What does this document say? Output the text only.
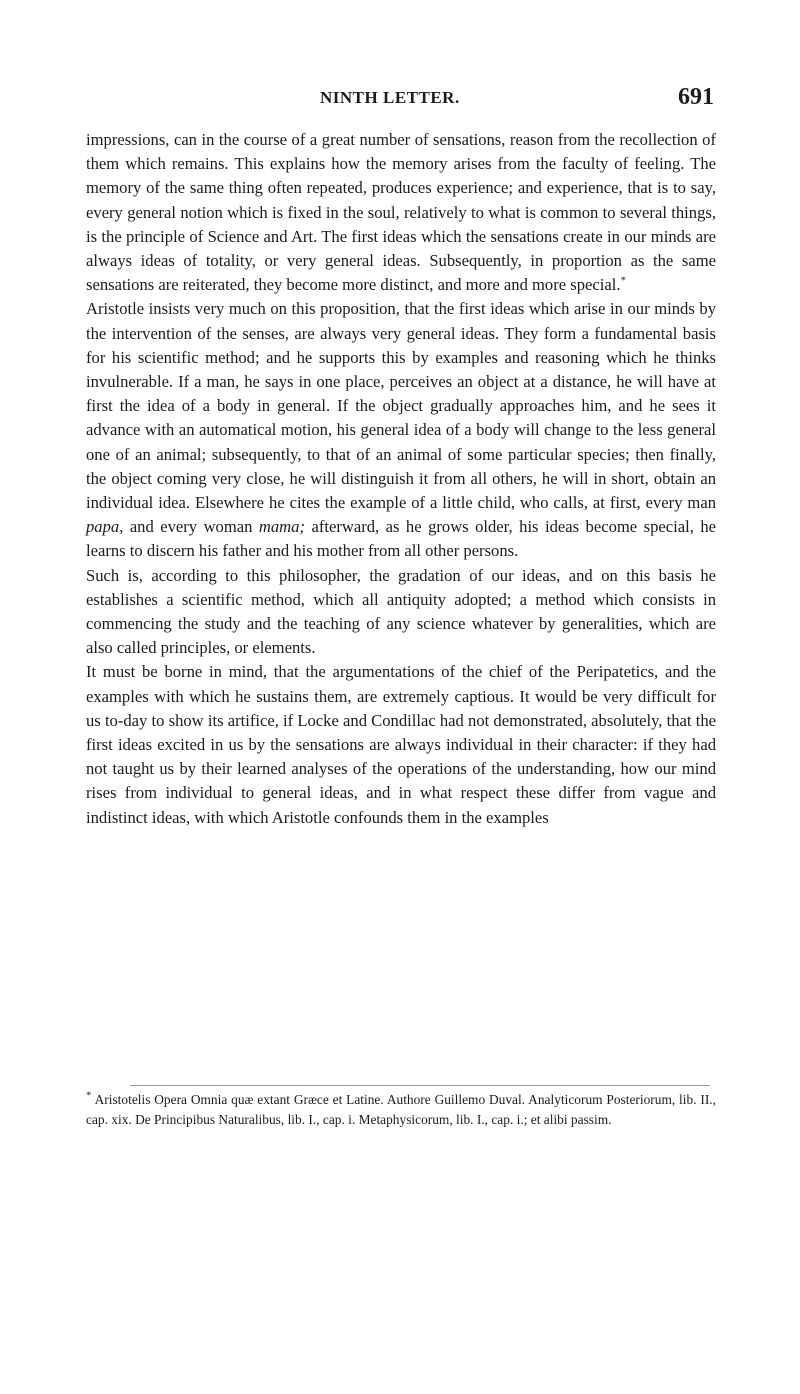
NINTH LETTER.	691

impressions, can in the course of a great number of sensations, reason from the recollection of them which remains. This explains how the memory arises from the faculty of feeling. The memory of the same thing often repeated, produces experience; and experience, that is to say, every general notion which is fixed in the soul, relatively to what is common to several things, is the principle of Science and Art. The first ideas which the sensations create in our minds are always ideas of totality, or very general ideas. Subsequently, in proportion as the same sensations are reiterated, they become more distinct, and more and more special.*

Aristotle insists very much on this proposition, that the first ideas which arise in our minds by the intervention of the senses, are always very general ideas. They form a fundamental basis for his scientific method; and he supports this by examples and reasoning which he thinks invulnerable. If a man, he says in one place, perceives an object at a distance, he will have at first the idea of a body in general. If the object gradually approaches him, and he sees it advance with an automatical motion, his general idea of a body will change to the less general one of an animal; subsequently, to that of an animal of some particular species; then finally, the object coming very close, he will distinguish it from all others, he will in short, obtain an individual idea. Elsewhere he cites the example of a little child, who calls, at first, every man papa, and every woman mama; afterward, as he grows older, his ideas become special, he learns to discern his father and his mother from all other persons.

Such is, according to this philosopher, the gradation of our ideas, and on this basis he establishes a scientific method, which all antiquity adopted; a method which consists in commencing the study and the teaching of any science whatever by generalities, which are also called principles, or elements.

It must be borne in mind, that the argumentations of the chief of the Peripatetics, and the examples with which he sustains them, are extremely captious. It would be very difficult for us to-day to show its artifice, if Locke and Condillac had not demonstrated, absolutely, that the first ideas excited in us by the sensations are always individual in their character: if they had not taught us by their learned analyses of the operations of the understanding, how our mind rises from individual to general ideas, and in what respect these differ from vague and indistinct ideas, with which Aristotle confounds them in the examples

* Aristotelis Opera Omnia quæ extant Græce et Latine. Authore Guillemo Duval. Analyticorum Posteriorum, lib. II., cap. xix. De Principibus Naturalibus, lib. I., cap. i. Metaphysicorum, lib. I., cap. i.; et alibi passim.
